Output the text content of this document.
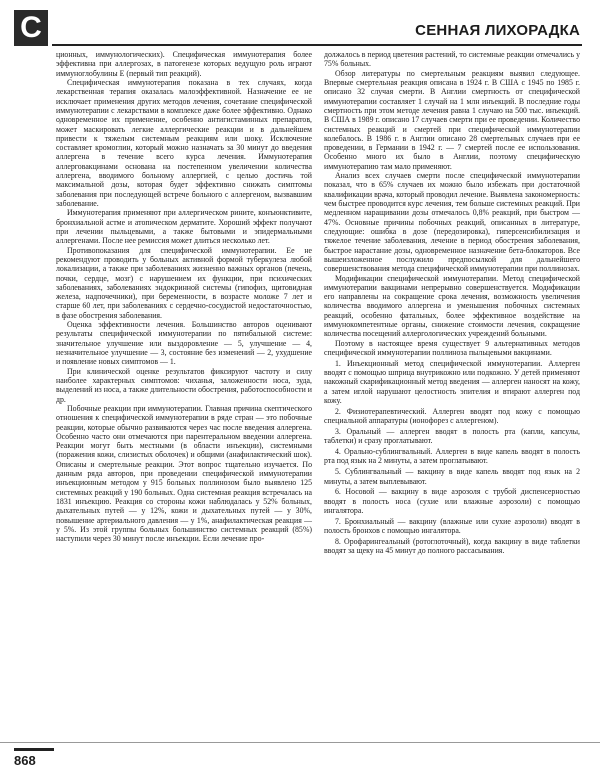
С	СЕННАЯ ЛИХОРАДКА

ционных, иммунологических). Специфическая иммунотерапия более эффективна при аллергозах, в патогенезе которых ведущую роль играют иммуноглобулины E (первый тип реакций).

Специфическая иммунотерапия показана в тех случаях, когда лекарственная терапия оказалась малоэффективной. Назначение ее не исключает применения других методов лечения, сочетание специфической иммунотерапии с лекарствами в комплексе даже более эффективно. Однако одновременное их применение, особенно антигистаминных препаратов, может маскировать легкие аллергические реакции и в дальнейшем привести к тяжелым системным реакциям или шоку. Исключение составляет кромоглин, который можно назначать за 30 минут до введения аллергена в течение всего курса лечения. Иммунотерапия аллерговакцинами основана на постепенном увеличении количества аллергена, вводимого больному аллергией, с целью достичь той максимальной дозы, которая будет эффективно снижать симптомы заболевания при последующей встрече больного с аллергеном, вызвавшим заболевание.

Иммунотерапия применяют при аллергическом рините, конъюнктивите, бронхиальной астме и атопическом дерматите. Хороший эффект получают при лечении пыльцевыми, а также бытовыми и эпидермальными аллергенами. После нее ремиссия может длиться несколько лет.

Противопоказания для специфической иммунотерапии. Ее не рекомендуют проводить у больных активной формой туберкулеза любой локализации, а также при заболеваниях жизненно важных органов (печень, почки, сердце, мозг) с нарушением их функции, при психических заболеваниях, заболеваниях эндокринной системы (гипофиз, щитовидная железа, надпочечники), при беременности, в возрасте моложе 7 лет и старше 60 лет, при заболеваниях с сердечно-сосудистой недостаточностью, в фазе обострения заболевания.

Оценка эффективности лечения. Большинство авторов оценивают результаты специфической иммунотерапии по пятибальной системе: значительное улучшение или выздоровление — 5, улучшение — 4, незначительное улучшение — 3, состояние без изменений — 2, ухудшение и появление новых симптомов — 1.

При клинической оценке результатов фиксируют частоту и силу наиболее характерных симптомов: чиханья, заложенности носа, зуда, выделений из носа, а также длительности обострения, работоспособности и др.

Побочные реакции при иммунотерапии. Главная причина скептического отношения к специфической иммунотерапии в ряде стран — это побочные реакции, которые обычно развиваются через час после введения аллергена. Особенно часто они отмечаются при парентеральном введении аллергена. Реакции могут быть местными (в области инъекции), системными (поражения кожи, слизистых оболочек) и общими (анафилактический шок). Описаны и смертельные реакции. Этот вопрос тщательно изучается. По данным ряда авторов, при проведении специфической иммунотерапии инъекционным методом у 915 больных поллинозом было выявлено 125 системных реакций у 190 больных. Одна системная реакция встречалась на 1831 инъекцию. Реакция со стороны кожи наблюдалась у 52% больных, дыхательных путей — у 12%, кожи и дыхательных путей — у 30%, повышение артериального давления — у 1%, анафилактическая реакция — у 5%. Из этой группы больных большинство системных реакций (85%) наступили через 30 минут после инъекции. Если лечение про-

должалось в период цветения растений, то системные реакции отмечались у 75% больных.

Обзор литературы по смертельным реакциям выявил следующее. Впервые смертельная реакция описана в 1924 г. В США с 1945 по 1985 г. описано 32 случая смерти. В Англии смертность от специфической иммунотерапии составляет 1 случай на 1 млн инъекций. В последние годы смертность при этом методе лечения равна 1 случаю на 500 тыс. инъекций. В США в 1989 г. описано 17 случаев смерти при ее проведении. Количество системных реакций и смертей при специфической иммунотерапии колебалось. В 1986 г. в Англии описано 28 смертельных случаев при ее проведении, в Германии в 1942 г. — 7 смертей после ее использования. Особенно много их было в Англии, поэтому специфическую иммунотерапию там мало применяют.

Анализ всех случаев смерти после специфической иммунотерапии показал, что в 65% случаев их можно было избежать при достаточной квалификации врача, который проводил лечение. Выявлена закономерность: чем быстрее проводится курс лечения, тем больше системных реакций. При медленном наращивании дозы отмечалось 0,8% реакций, при быстром — 47%. Основные причины побочных реакций, описанных в литературе, следующие: ошибка в дозе (передозировка), гиперсенсибилизация и тяжелое течение заболевания, лечение в период обострения заболевания, быстрое нарастание дозы, одновременное назначение бета-блокаторов. Все вышеизложенное послужило предпосылкой для дальнейшего совершенствования метода специфической иммунотерапии при поллинозах.

Модификации специфической иммунотерапии. Метод специфической иммунотерапии вакцинами непрерывно совершенствуется. Модификации его направлены на сокращение срока лечения, возможность увеличения количества вводимого аллергена и уменьшения побочных системных реакций, особенно фатальных, более эффективное воздействие на иммунокомпетентные органы, снижение стоимости лечения, сокращение количества посещений аллергологических учреждений больными.

Поэтому в настоящее время существует 9 альтернативных методов специфической иммунотерапии поллиноза пыльцевыми вакцинами.

1. Инъекционный метод специфической иммунотерапии. Аллерген вводят с помощью шприца внутрикожно или подкожно. У детей применяют накожный скарификационный метод введения — аллерген наносят на кожу, а затем иглой нарушают целостность эпителия и втирают аллерген под кожу.

2. Физиотерапевтический. Аллерген вводят под кожу с помощью специальной аппаратуры (ионофорез с аллергеном).

3. Оральный — аллерген вводят в полость рта (капли, капсулы, таблетки) и сразу проглатывают.

4. Орально-сублингвальный. Аллерген в виде капель вводят в полость рта под язык на 2 минуты, а затем проглатывают.

5. Сублингвальный — вакцину в виде капель вводят под язык на 2 минуты, а затем выплевывают.

6. Носовой — вакцину в виде аэрозоля с трубой диспенсерностью вводят в полость носа (сухие или влажные аэрозоли) с помощью ингалятора.

7. Бронхиальный — вакцину (влажные или сухие аэрозоли) вводят в полость бронхов с помощью ингалятора.

8. Орофарингеальный (ротоглоточный), когда вакцину в виде таблетки вводят за щеку на 45 минут до полного рассасывания.

868
